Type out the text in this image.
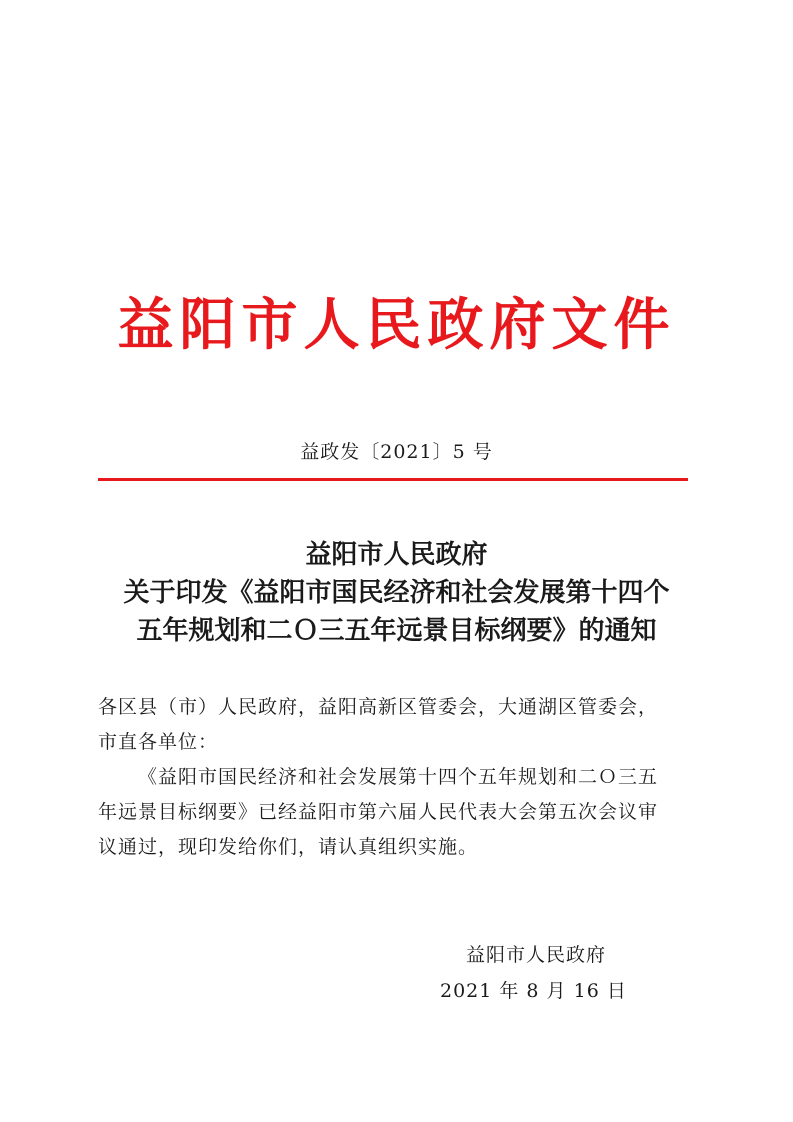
益阳市人民政府文件
益政发〔2021〕5 号
益阳市人民政府
关于印发《益阳市国民经济和社会发展第十四个
五年规划和二Ｏ三五年远景目标纲要》的通知

各区县（市）人民政府，益阳高新区管委会，大通湖区管委会，

市直各单位：

《益阳市国民经济和社会发展第十四个五年规划和二Ｏ三五

年远景目标纲要》已经益阳市第六届人民代表大会第五次会议审

议通过，现印发给你们，请认真组织实施。

益阳市人民政府
2021 年 8 月 16 日
